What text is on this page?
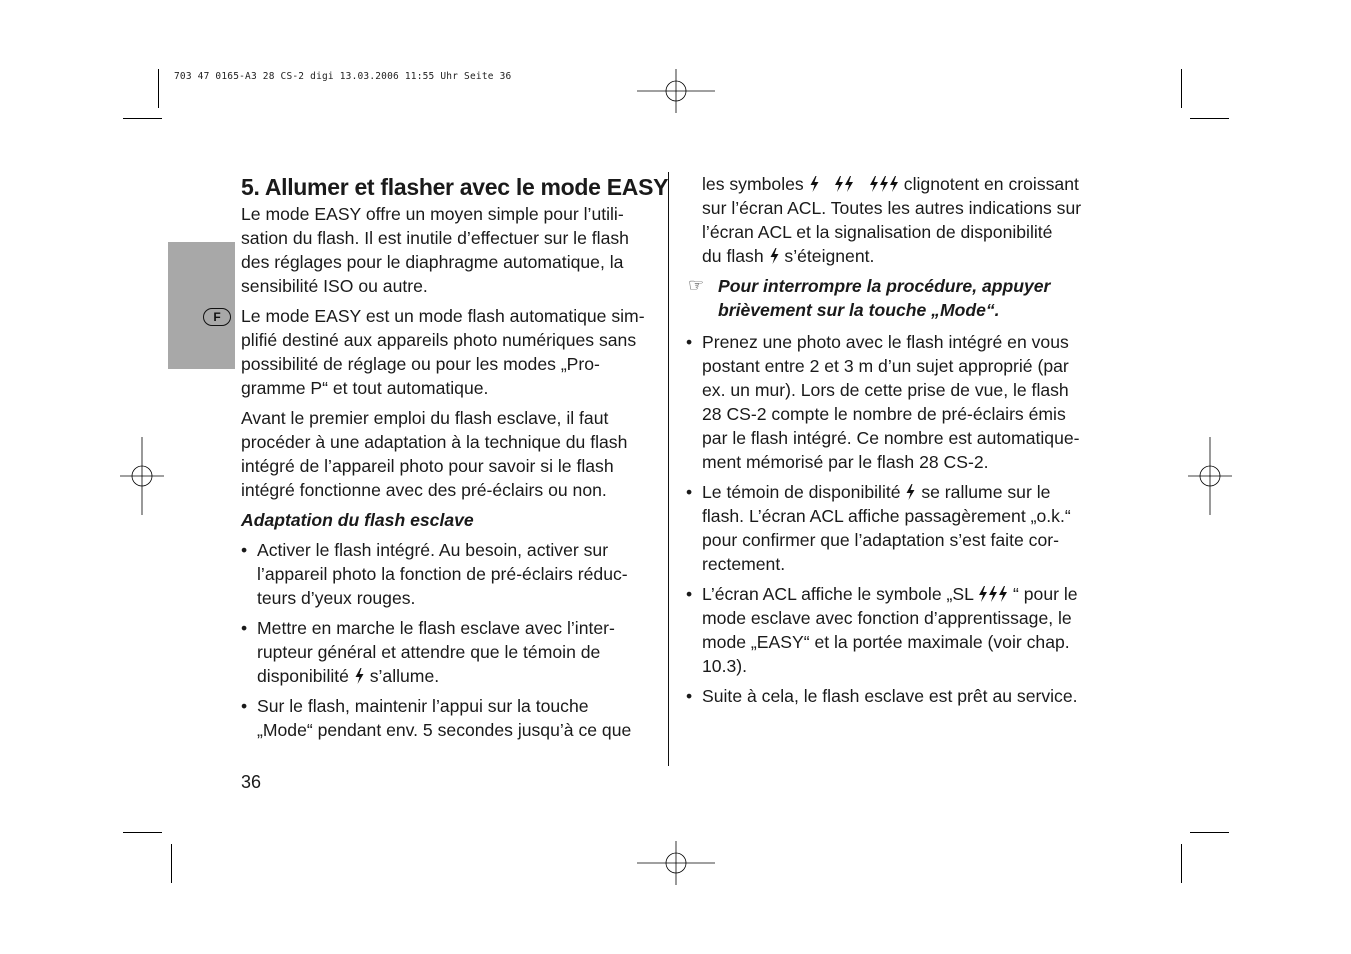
703 47 0165-A3 28 CS-2 digi 13.03.2006 11:55 Uhr Seite 36
F

5. Allumer et flasher avec le mode EASY

Le mode EASY offre un moyen simple pour l’utili-
sation du flash. Il est inutile d’effectuer sur le flash
des réglages pour le diaphragme automatique, la
sensibilité ISO ou autre.

Le mode EASY est un mode flash automatique sim-
plifié destiné aux appareils photo numériques sans
possibilité de réglage ou pour les modes „Pro-
gramme P“ et tout automatique.

Avant le premier emploi du flash esclave, il faut
procéder à une adaptation à la technique du flash
intégré de l’appareil photo pour savoir si le flash
intégré fonctionne avec des pré-éclairs ou non.

Adaptation du flash esclave

• Activer le flash intégré. Au besoin, activer sur
l’appareil photo la fonction de pré-éclairs réduc-
teurs d’yeux rouges.

• Mettre en marche le flash esclave avec l’inter-
rupteur général et attendre que le témoin de
disponibilité  s’allume.

• Sur le flash, maintenir l’appui sur la touche
„Mode“ pendant env. 5 secondes jusqu’à ce que

les symboles	clignotent en croissant
sur l’écran ACL. Toutes les autres indications sur
l’écran ACL et la signalisation de disponibilité
du flash  s’éteignent.

☞ Pour interrompre la procédure, appuyer
brièvement sur la touche „Mode“.

• Prenez une photo avec le flash intégré en vous
postant entre 2 et 3 m d’un sujet approprié (par
ex. un mur). Lors de cette prise de vue, le flash
28 CS-2 compte le nombre de pré-éclairs émis
par le flash intégré. Ce nombre est automatique-
ment mémorisé par le flash 28 CS-2.

• Le témoin de disponibilité  se rallume sur le
flash. L’écran ACL affiche passagèrement „o.k.“
pour confirmer que l’adaptation s’est faite cor-
rectement.

• L’écran ACL affiche le symbole „SL  “ pour le
mode esclave avec fonction d’apprentissage, le
mode „EASY“ et la portée maximale (voir chap.
10.3).

• Suite à cela, le flash esclave est prêt au service.

36
